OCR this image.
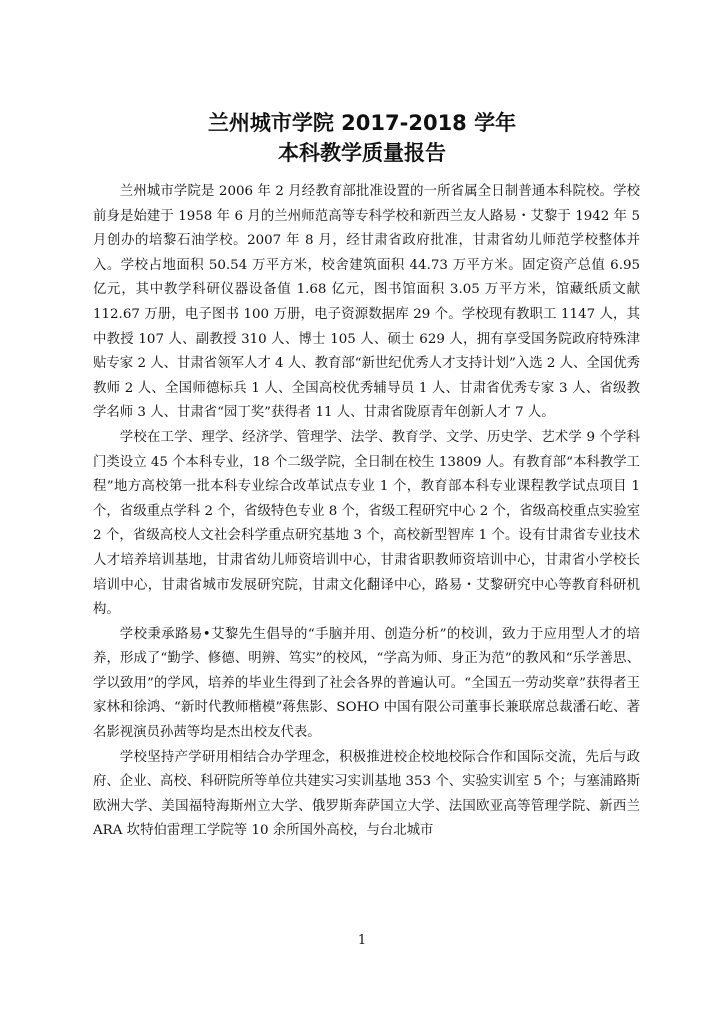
兰州城市学院 2017-2018 学年
本科教学质量报告

兰州城市学院是 2006 年 2 月经教育部批准设置的一所省属全日制普通本科院校。学校前身是始建于 1958 年 6 月的兰州师范高等专科学校和新西兰友人路易・艾黎于 1942 年 5 月创办的培黎石油学校。2007 年 8 月，经甘肃省政府批准，甘肃省幼儿师范学校整体并入。学校占地面积 50.54 万平方米，校舍建筑面积 44.73 万平方米。固定资产总值 6.95 亿元，其中教学科研仪器设备值 1.68 亿元，图书馆面积 3.05 万平方米，馆藏纸质文献 112.67 万册，电子图书 100 万册，电子资源数据库 29 个。学校现有教职工 1147 人，其中教授 107 人、副教授 310 人、博士 105 人、硕士 629 人，拥有享受国务院政府特殊津贴专家 2 人、甘肃省领军人才 4 人、教育部“新世纪优秀人才支持计划”入选 2 人、全国优秀教师 2 人、全国师德标兵 1 人、全国高校优秀辅导员 1 人、甘肃省优秀专家 3 人、省级教学名师 3 人、甘肃省“园丁奖”获得者 11 人、甘肃省陇原青年创新人才 7 人。

学校在工学、理学、经济学、管理学、法学、教育学、文学、历史学、艺术学 9 个学科门类设立 45 个本科专业，18 个二级学院，全日制在校生 13809 人。有教育部“本科教学工程”地方高校第一批本科专业综合改革试点专业 1 个，教育部本科专业课程教学试点项目 1 个，省级重点学科 2 个，省级特色专业 8 个，省级工程研究中心 2 个，省级高校重点实验室 2 个，省级高校人文社会科学重点研究基地 3 个，高校新型智库 1 个。设有甘肃省专业技术人才培养培训基地，甘肃省幼儿师资培训中心，甘肃省职教师资培训中心，甘肃省小学校长培训中心，甘肃省城市发展研究院，甘肃文化翻译中心，路易・艾黎研究中心等教育科研机构。

学校秉承路易•艾黎先生倡导的“手脑并用、创造分析”的校训，致力于应用型人才的培养，形成了“勤学、修德、明辨、笃实”的校风，“学高为师、身正为范”的教风和“乐学善思、学以致用”的学风，培养的毕业生得到了社会各界的普遍认可。“全国五一劳动奖章”获得者王家林和徐鸿、“新时代教师楷模”蒋焦影、SOHO 中国有限公司董事长兼联席总裁潘石屹、著名影视演员孙茜等均是杰出校友代表。

学校坚持产学研用相结合办学理念，积极推进校企校地校际合作和国际交流，先后与政府、企业、高校、科研院所等单位共建实习实训基地 353 个、实验实训室 5 个；与塞浦路斯欧洲大学、美国福特海斯州立大学、俄罗斯奔萨国立大学、法国欧亚高等管理学院、新西兰 ARA 坎特伯雷理工学院等 10 余所国外高校，与台北城市

1
